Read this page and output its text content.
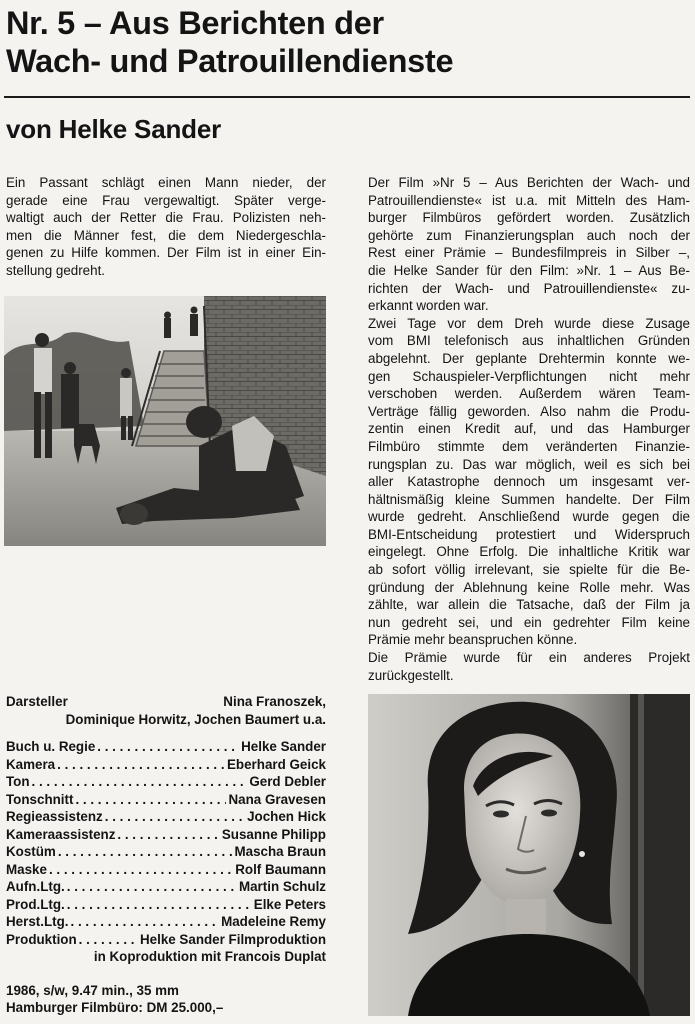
Nr. 5 – Aus Berichten der
Wach- und Patrouillendienste
von Helke Sander
Ein Passant schlägt einen Mann nieder, der
gerade eine Frau vergewaltigt. Später verge-
waltigt auch der Retter die Frau. Polizisten neh-
men die Männer fest, die dem Niedergeschla-
genen zu Hilfe kommen. Der Film ist in einer Ein-
stellung gedreht.
Der Film »Nr 5 – Aus Berichten der Wach- und
Patrouillendienste« ist u.a. mit Mitteln des Ham-
burger Filmbüros gefördert worden. Zusätzlich
gehörte zum Finanzierungsplan auch noch der
Rest einer Prämie – Bundesfilmpreis in Silber –,
die Helke Sander für den Film: »Nr. 1 – Aus Be-
richten der Wach- und Patrouillendienste« zu-
erkannt worden war.
Zwei Tage vor dem Dreh wurde diese Zusage
vom BMI telefonisch aus inhaltlichen Gründen
abgelehnt. Der geplante Drehtermin konnte we-
gen Schauspieler-Verpflichtungen nicht mehr
verschoben werden. Außerdem wären Team-
Verträge fällig geworden. Also nahm die Produ-
zentin einen Kredit auf, und das Hamburger
Filmbüro stimmte dem veränderten Finanzie-
rungsplan zu. Das war möglich, weil es sich bei
aller Katastrophe dennoch um insgesamt ver-
hältnismäßig kleine Summen handelte. Der Film
wurde gedreht. Anschließend wurde gegen die
BMI-Entscheidung protestiert und Widerspruch
eingelegt. Ohne Erfolg. Die inhaltliche Kritik war
ab sofort völlig irrelevant, sie spielte für die Be-
gründung der Ablehnung keine Rolle mehr. Was
zählte, war allein die Tatsache, daß der Film ja
nun gedreht sei, und ein gedrehter Film keine
Prämie mehr beanspruchen könne.
Die Prämie wurde für ein anderes Projekt
zurückgestellt.
Darsteller	Nina Franoszek,
Dominique Horwitz, Jochen Baumert u.a.
Buch u. Regie . . .	Helke Sander
Kamera . . .	Eberhard Geick
Ton . . .	Gerd Debler
Tonschnitt . . .	Nana Gravesen
Regieassistenz . . .	Jochen Hick
Kameraassistenz . . .	Susanne Philipp
Kostüm . . .	Mascha Braun
Maske . . .	Rolf Baumann
Aufn.Ltg. . . .	Martin Schulz
Prod.Ltg. . . .	Elke Peters
Herst.Ltg. . . .	Madeleine Remy
Produktion . . .	Helke Sander Filmproduktion
in Koproduktion mit Francois Duplat
1986, s/w, 9.47 min., 35 mm
Hamburger Filmbüro: DM 25.000,–
